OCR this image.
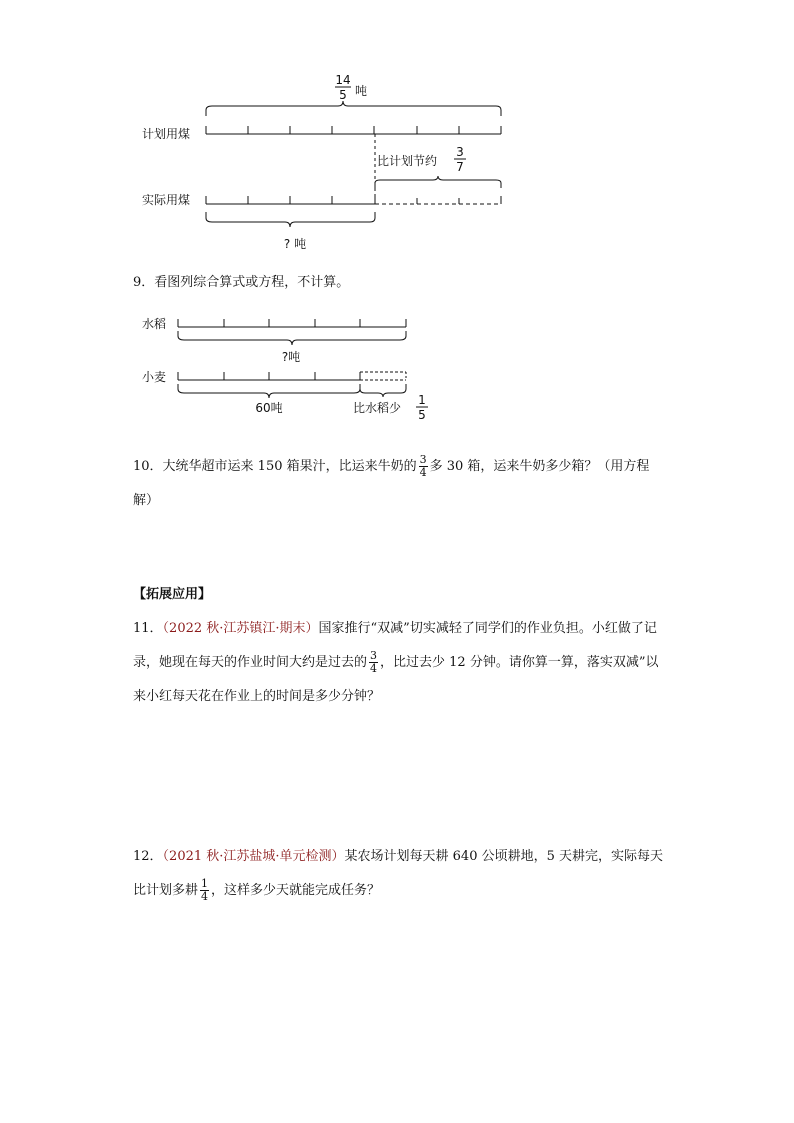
14
5 吨
计划用煤
比计划节约
3
7
实际用煤
? 吨
9．看图列综合算式或方程，不计算。
水稻
?吨
小麦
60吨	比水稻少
1
5
10．大统华超市运来 150 箱果汁，比运来牛奶的 $\frac{3}{4}$ 多 30 箱，运来牛奶多少箱？（用方程解）
【拓展应用】
11．（2022 秋·江苏镇江·期末）国家推行“双减”切实减轻了同学们的作业负担。小红做了记录，她现在每天的作业时间大约是过去的 $\frac{3}{4}$ ，比过去少 12 分钟。请你算一算，落实双减”以来小红每天花在作业上的时间是多少分钟？
12．（2021 秋·江苏盐城·单元检测）某农场计划每天耕 640 公顷耕地，5 天耕完，实际每天比计划多耕 $\frac{1}{4}$ ，这样多少天就能完成任务？
